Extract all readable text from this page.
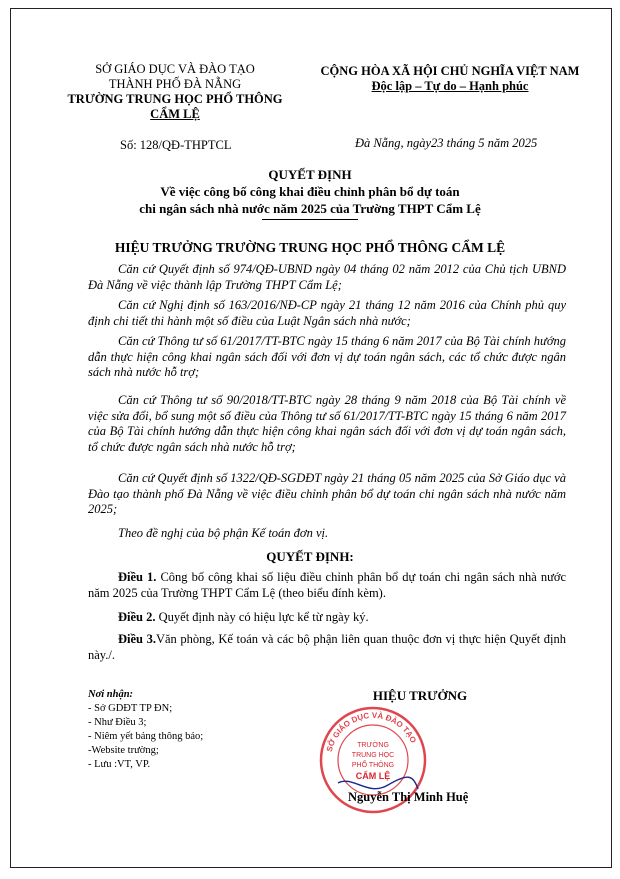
SỞ GIÁO DỤC VÀ ĐÀO TẠO
THÀNH PHỐ ĐÀ NẴNG
TRƯỜNG TRUNG HỌC PHỔ THÔNG
CẨM LỆ
CỘNG HÒA XÃ HỘI CHỦ NGHĨA VIỆT NAM
Độc lập – Tự do – Hạnh phúc
Số: 128/QĐ-THPTCL	Đà Nẵng, ngày23 tháng 5 năm 2025
QUYẾT ĐỊNH
Về việc công bố công khai điều chỉnh phân bổ dự toán
chi ngân sách nhà nước năm 2025 của Trường THPT Cẩm Lệ
HIỆU TRƯỞNG TRƯỜNG TRUNG HỌC PHỔ THÔNG CẨM LỆ
Căn cứ Quyết định số 974/QĐ-UBND ngày 04 tháng 02 năm 2012 của Chủ tịch UBND Đà Nẵng về việc thành lập Trường THPT Cẩm Lệ;
Căn cứ Nghị định số 163/2016/NĐ-CP ngày 21 tháng 12 năm 2016 của Chính phủ quy định chi tiết thi hành một số điều của Luật Ngân sách nhà nước;
Căn cứ Thông tư số 61/2017/TT-BTC ngày 15 tháng 6 năm 2017 của Bộ Tài chính hướng dẫn thực hiện công khai ngân sách đối với đơn vị dự toán ngân sách, các tổ chức được ngân sách nhà nước hỗ trợ;
Căn cứ Thông tư số 90/2018/TT-BTC ngày 28 tháng 9 năm 2018 của Bộ Tài chính về việc sửa đổi, bổ sung một số điều của Thông tư số 61/2017/TT-BTC ngày 15 tháng 6 năm 2017 của Bộ Tài chính hướng dẫn thực hiện công khai ngân sách đối với đơn vị dự toán ngân sách, tổ chức được ngân sách nhà nước hỗ trợ;
Căn cứ Quyết định số 1322/QĐ-SGDĐT ngày 21 tháng 05 năm 2025 của Sở Giáo dục và Đào tạo thành phố Đà Nẵng về việc điều chỉnh phân bổ dự toán chi ngân sách nhà nước năm 2025;
Theo đề nghị của bộ phận Kế toán đơn vị.
QUYẾT ĐỊNH:
Điều 1. Công bố công khai số liệu điều chỉnh phân bổ dự toán chi ngân sách nhà nước năm 2025 của Trường THPT Cẩm Lệ (theo biểu đính kèm).
Điều 2. Quyết định này có hiệu lực kể từ ngày ký.
Điều 3.Văn phòng, Kế toán và các bộ phận liên quan thuộc đơn vị thực hiện Quyết định này./.
Nơi nhận:
- Sở GDĐT TP ĐN;
- Như Điều 3;
- Niêm yết bảng thông báo;
-Website trường;
- Lưu :VT, VP.
HIỆU TRƯỞNG
SỞ GIÁO DỤC VÀ ĐÀO TẠO
TRƯỜNG
TRUNG HỌC
PHỔ THÔNG
CẨM LỆ
Nguyễn Thị Minh Huệ
